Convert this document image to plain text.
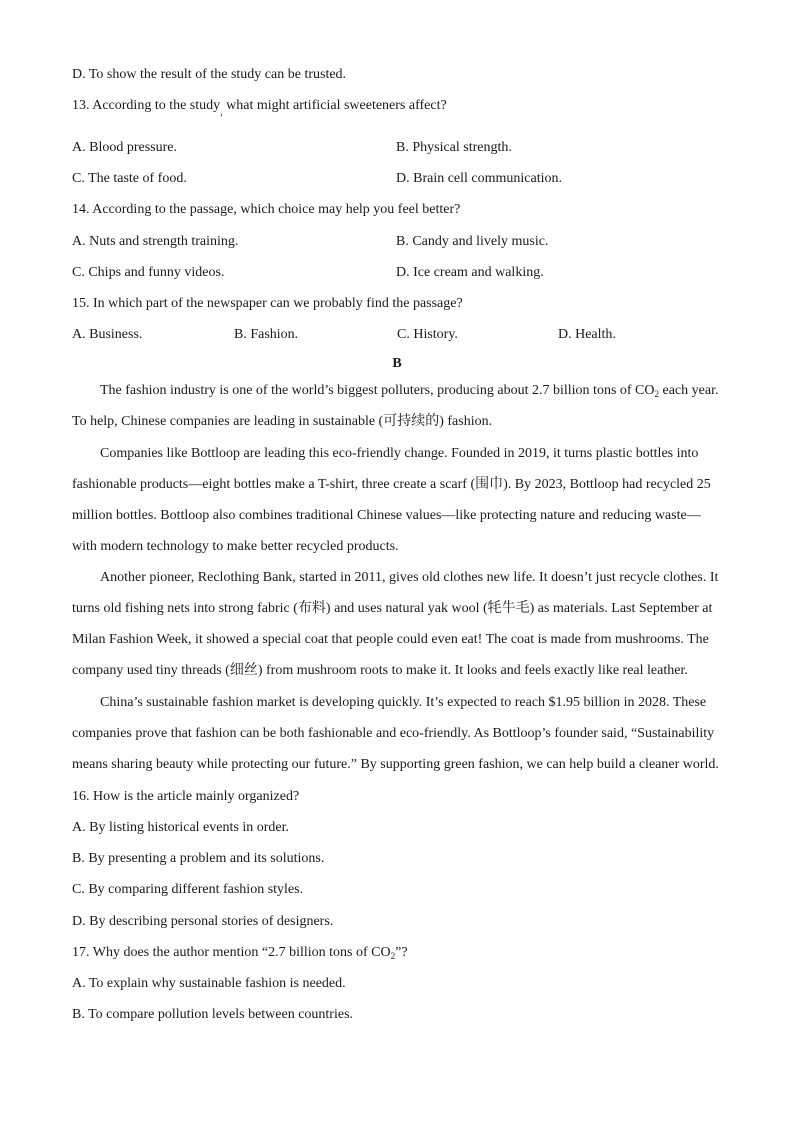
D. To show the result of the study can be trusted.
13. According to the study$_,$ what might artificial sweeteners affect?
A. Blood pressure.	B. Physical strength.
C. The taste of food.	D. Brain cell communication.
14. According to the passage, which choice may help you feel better?
A. Nuts and strength training.	B. Candy and lively music.
C. Chips and funny videos.	D. Ice cream and walking.
15. In which part of the newspaper can we probably find the passage?
A. Business.	B. Fashion.	C. History.	D. Health.
B
The fashion industry is one of the world’s biggest polluters, producing about 2.7 billion tons of $CO_2$ each year.
To help, Chinese companies are leading in sustainable (可持续的) fashion.
Companies like Bottloop are leading this eco-friendly change. Founded in 2019, it turns plastic bottles into
fashionable products—eight bottles make a T-shirt, three create a scarf (围巾). By 2023, Bottloop had recycled 25
million bottles. Bottloop also combines traditional Chinese values—like protecting nature and reducing waste—
with modern technology to make better recycled products.
Another pioneer, Reclothing Bank, started in 2011, gives old clothes new life. It doesn’t just recycle clothes. It
turns old fishing nets into strong fabric (布料) and uses natural yak wool (牦牛毛) as materials. Last September at
Milan Fashion Week, it showed a special coat that people could even eat! The coat is made from mushrooms. The
company used tiny threads (细丝) from mushroom roots to make it. It looks and feels exactly like real leather.
China’s sustainable fashion market is developing quickly. It’s expected to reach $1.95 billion in 2028. These
companies prove that fashion can be both fashionable and eco-friendly. As Bottloop’s founder said, “Sustainability
means sharing beauty while protecting our future.” By supporting green fashion, we can help build a cleaner world.
16. How is the article mainly organized?
A. By listing historical events in order.
B. By presenting a problem and its solutions.
C. By comparing different fashion styles.
D. By describing personal stories of designers.
17. Why does the author mention “2.7 billion tons of $CO_2$”?
A. To explain why sustainable fashion is needed.
B. To compare pollution levels between countries.
